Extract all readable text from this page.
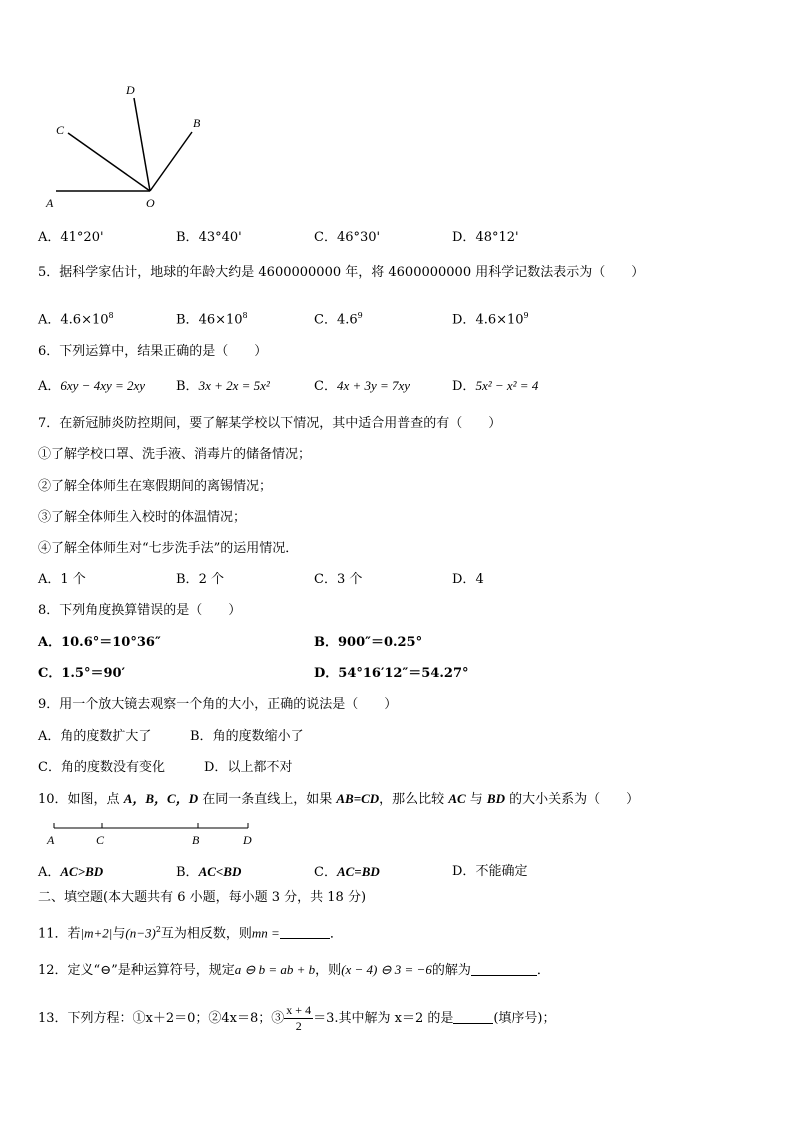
A	O
C
D
B
A．41°20'	B．43°40'	C．46°30'	D．48°12'
5．据科学家估计，地球的年龄大约是 4600000000 年，将 4600000000 用科学记数法表示为（　　）
A．$4.6\times 10^8$	B．$46\times 10^8$	C．$4.6^9$	D．$4.6\times 10^9$
6．下列运算中，结果正确的是（　　）
A．6xy − 4xy = 2xy B．3x + 2x = 5x²	C．4x + 3y = 7xy	D．5x² − x² = 4
7．在新冠肺炎防控期间，要了解某学校以下情况，其中适合用普查的有（　　）
①了解学校口罩、洗手液、消毒片的储备情况；
②了解全体师生在寒假期间的离锡情况；
③了解全体师生入校时的体温情况；
④了解全体师生对“七步洗手法”的运用情况．
A．1 个	B．2 个	C．3 个	D．4
8．下列角度换算错误的是（　　）
A．10.6°＝10°36″	B．900″＝0.25°
C．1.5°＝90′	D．54°16′12″＝54.27°
9．用一个放大镜去观察一个角的大小，正确的说法是（　　）
A．角的度数扩大了	B．角的度数缩小了
C．角的度数没有变化	D．以上都不对
10．如图，点 A，B，C，D 在同一条直线上，如果 AB=CD，那么比较 AC 与 BD 的大小关系为（　　）
A	C	B	D
A．AC>BD	B．AC<BD	C．AC=BD	D．不能确定
二、填空题(本大题共有 6 小题，每小题 3 分，共 18 分)
11．若|m+2|与$(n-3)^2$互为相反数，则mn =	．
12．定义“⊖”是种运算符号，规定a ⊖ b = ab + b，则(x − 4) ⊖ 3 = −6的解为	．
13．下列方程：①x＋2＝0；②4x＝8；③ $\frac{x + 4}{2} =3$.其中解为 x＝2 的是	(填序号)；
